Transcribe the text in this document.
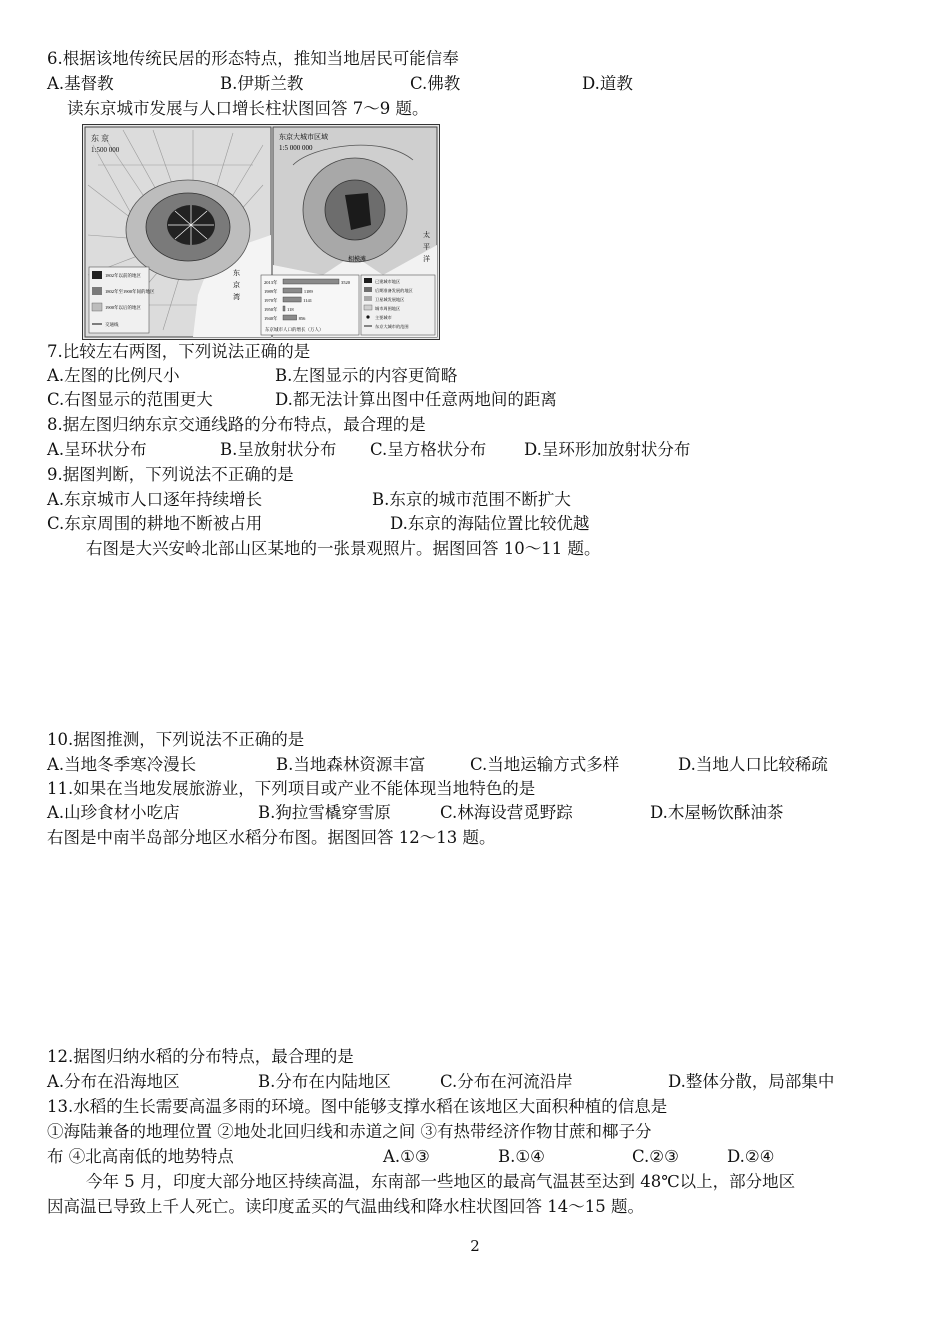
6.根据该地传统民居的形态特点，推知当地居民可能信奉
A.基督教	B.伊斯兰教	C.佛教	D.道教
读东京城市发展与人口增长柱状图回答 7～9 题。
东 京
1:500 000
1802年以前的地区
1802年至1900年间的地区
1900年以后的地区
交通线
东
京
湾
东京大城市区域
1:5 000 000
相模滩
太
平
洋
已建城市地区
后期准备发展的地区
卫星城发展地区
城市周围地区
主要城市
东京大城市的范围
2013年	3520
1989年	1189
1970年	1141
1950年 118
1940年	856
东京城市人口的增长（万人）
7.比较左右两图，下列说法正确的是
A.左图的比例尺小	B.左图显示的内容更简略
C.右图显示的范围更大	D.都无法计算出图中任意两地间的距离
8.据左图归纳东京交通线路的分布特点，最合理的是
A.呈环状分布	B.呈放射状分布 C.呈方格状分布 D.呈环形加放射状分布
9.据图判断，下列说法不正确的是
A.东京城市人口逐年持续增长	B.东京的城市范围不断扩大
C.东京周围的耕地不断被占用	D.东京的海陆位置比较优越
右图是大兴安岭北部山区某地的一张景观照片。据图回答 10～11 题。
10.据图推测，下列说法不正确的是
A.当地冬季寒冷漫长	B.当地森林资源丰富	C.当地运输方式多样	D.当地人口比较稀疏
11.如果在当地发展旅游业，下列项目或产业不能体现当地特色的是
A.山珍食材小吃店	B.狗拉雪橇穿雪原	C.林海设营觅野踪	D.木屋畅饮酥油茶
右图是中南半岛部分地区水稻分布图。据图回答 12～13 题。
12.据图归纳水稻的分布特点，最合理的是
A.分布在沿海地区	B.分布在内陆地区	C.分布在河流沿岸	D.整体分散，局部集中
13.水稻的生长需要高温多雨的环境。图中能够支撑水稻在该地区大面积种植的信息是
①海陆兼备的地理位置 ②地处北回归线和赤道之间 ③有热带经济作物甘蔗和椰子分
布 ④北高南低的地势特点	A.①③	B.①④	C.②③	D.②④
今年 5 月，印度大部分地区持续高温，东南部一些地区的最高气温甚至达到 48℃以上，部分地区
因高温已导致上千人死亡。读印度孟买的气温曲线和降水柱状图回答 14～15 题。
2
